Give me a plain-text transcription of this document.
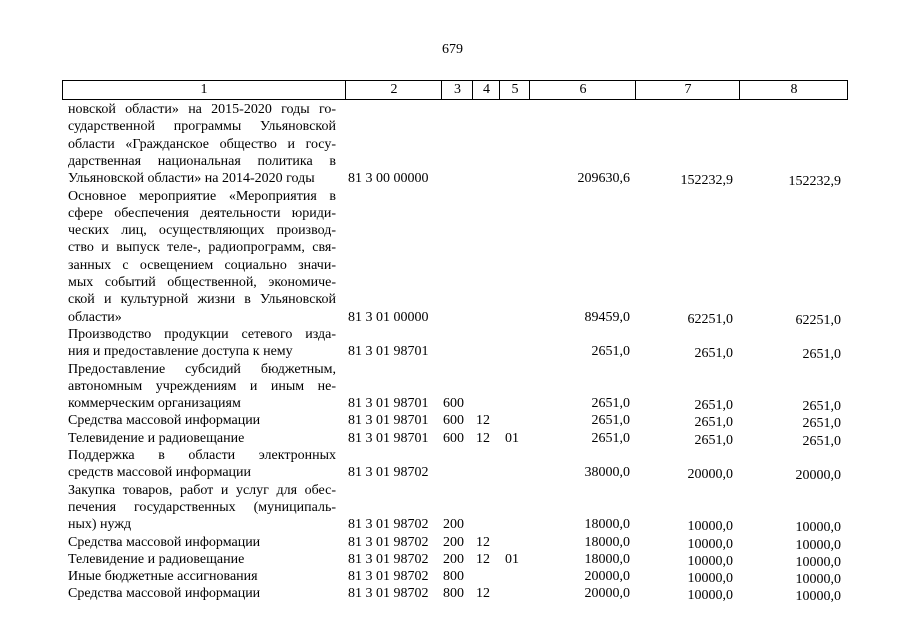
679
1	2	3	4	5	6	7	8
новской области» на 2015-2020 годы го-
сударственной программы Ульяновской
области «Гражданское общество и госу-
дарственная национальная политика в
Ульяновской области» на 2014-2020 годы	81 3 00 00000	209630,6	152232,9	152232,9
Основное мероприятие «Мероприятия в
сфере обеспечения деятельности юриди-
ческих лиц, осуществляющих производ-
ство и выпуск теле-, радиопрограмм, свя-
занных с освещением социально значи-
мых событий общественной, экономиче-
ской и культурной жизни в Ульяновской
области»	81 3 01 00000	89459,0	62251,0	62251,0
Производство продукции сетевого изда-
ния и предоставление доступа к нему	81 3 01 98701	2651,0	2651,0	2651,0
Предоставление субсидий бюджетным,
автономным учреждениям и иным не-
коммерческим организациям	81 3 01 98701 600	2651,0	2651,0	2651,0
Средства массовой информации	81 3 01 98701 600 12	2651,0	2651,0	2651,0
Телевидение и радиовещание	81 3 01 98701 600 12 01	2651,0	2651,0	2651,0
Поддержка в области электронных
средств массовой информации	81 3 01 98702	38000,0	20000,0	20000,0
Закупка товаров, работ и услуг для обес-
печения государственных (муниципаль-
ных) нужд	81 3 01 98702 200	18000,0	10000,0	10000,0
Средства массовой информации	81 3 01 98702 200 12	18000,0	10000,0	10000,0
Телевидение и радиовещание	81 3 01 98702 200 12 01	18000,0	10000,0	10000,0
Иные бюджетные ассигнования	81 3 01 98702 800	20000,0	10000,0	10000,0
Средства массовой информации	81 3 01 98702 800 12	20000,0	10000,0	10000,0
